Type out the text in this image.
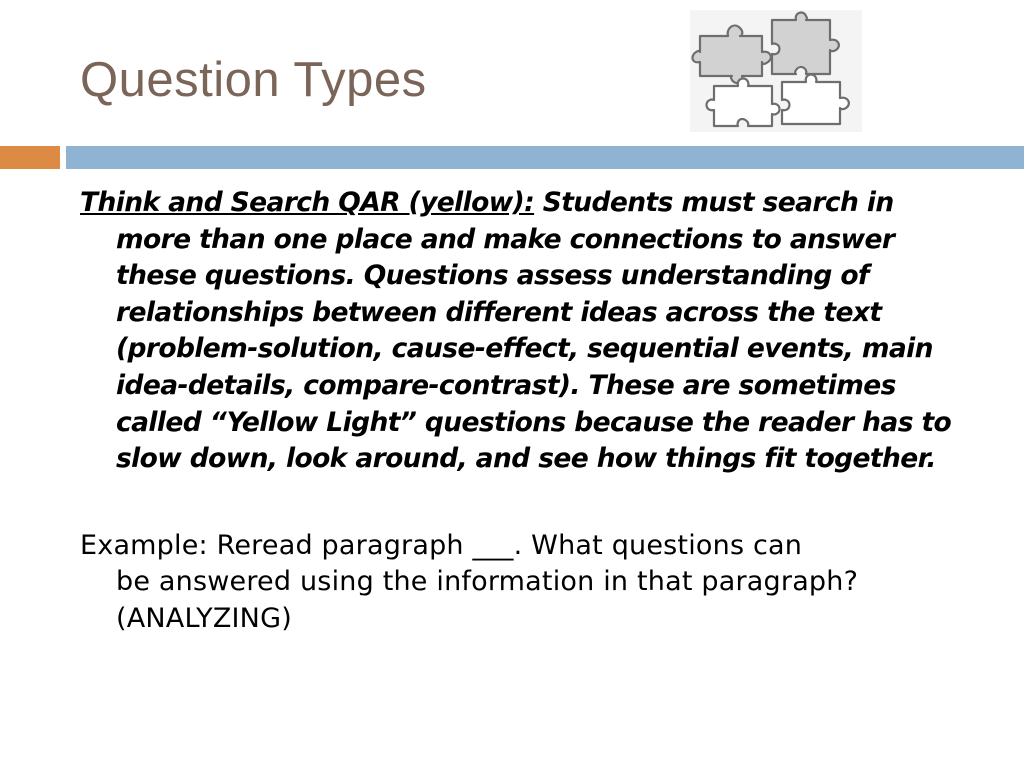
Question Types

Think and Search QAR (yellow): Students must search in
more than one place and make connections to answer
these questions. Questions assess understanding of
relationships between different ideas across the text
(problem-solution, cause-effect, sequential events, main
idea-details, compare-contrast). These are sometimes
called “Yellow Light” questions because the reader has to
slow down, look around, and see how things fit together.

Example: Reread paragraph ___. What questions can
be answered using the information in that paragraph?
(ANALYZING)
